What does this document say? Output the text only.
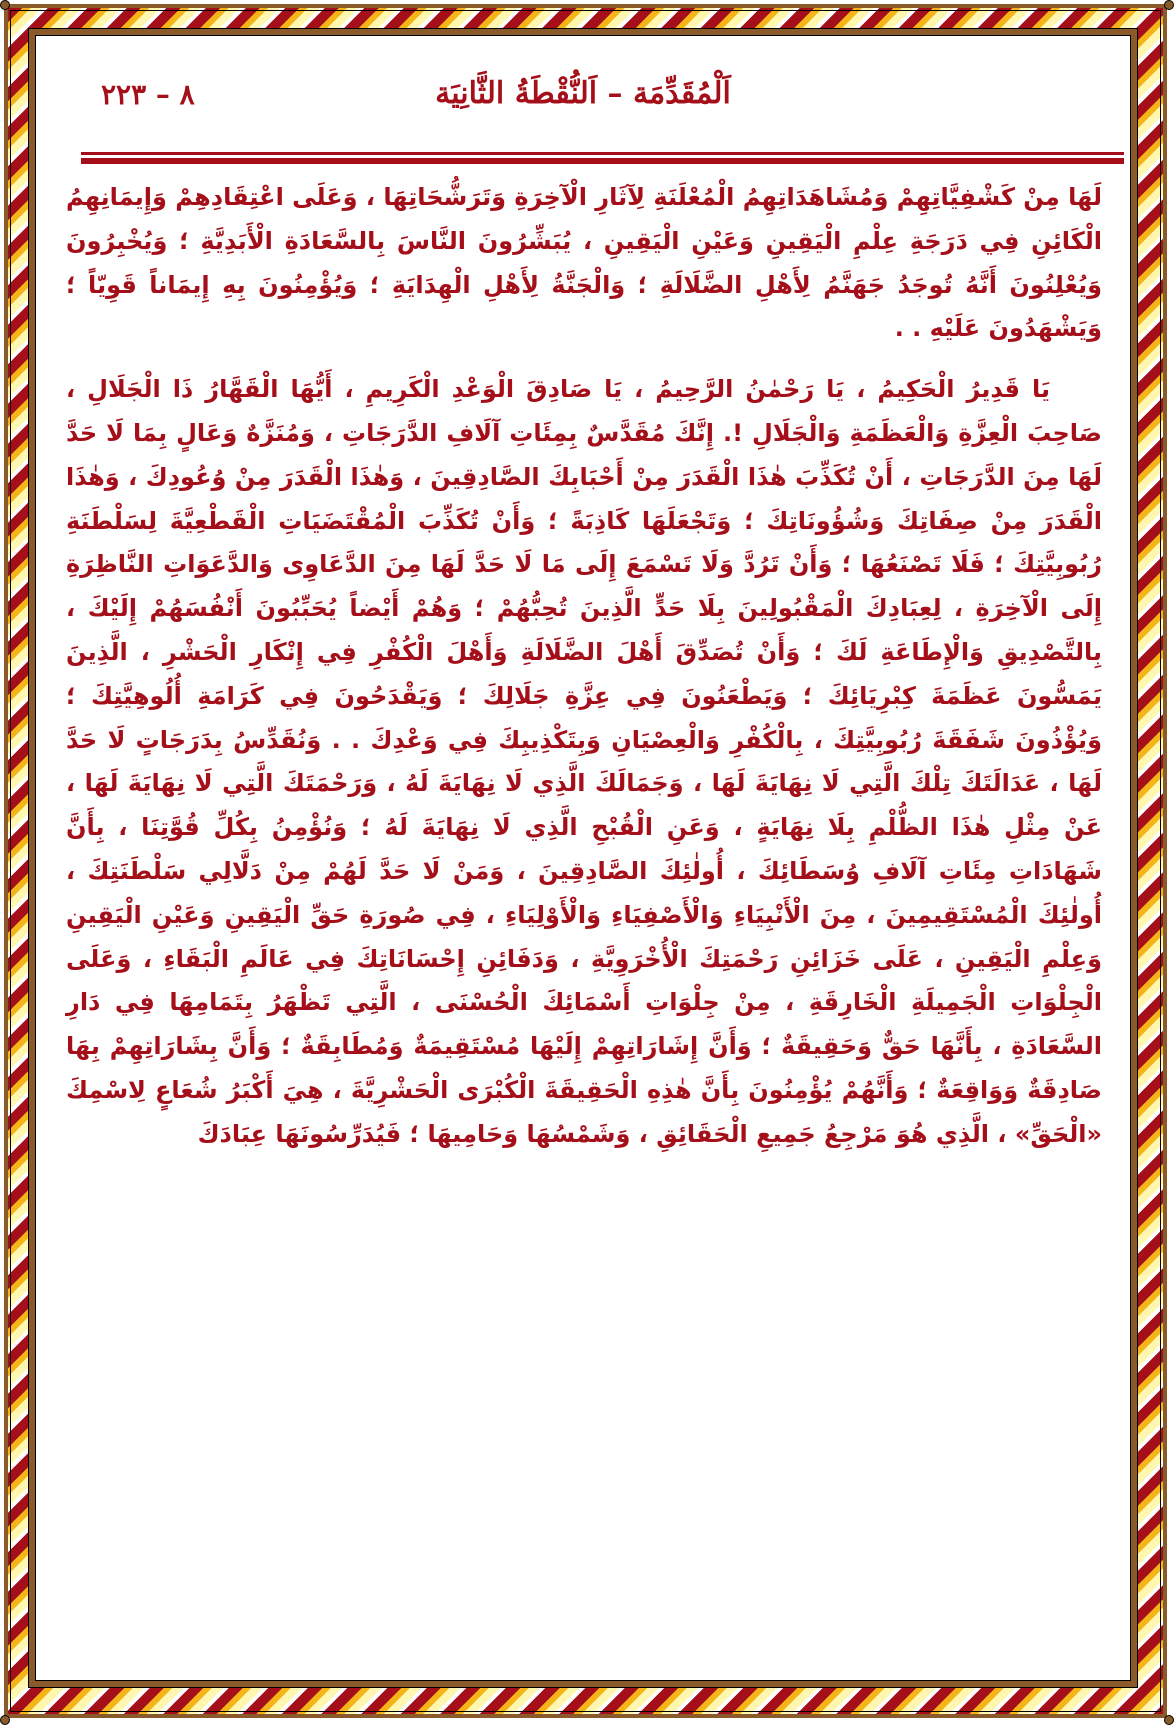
اَلْمُقَدِّمَة – اَلنُّقْطَةُ الثَّانِيَة
٨ – ٢٢٣

لَهَا مِنْ كَشْفِيَّاتِهِمْ وَمُشَاهَدَاتِهِمُ الْمُعْلَنَةِ لِآثَارِ الْآخِرَةِ وَتَرَشُّحَاتِهَا ، وَعَلَى اعْتِقَادِهِمْ وَإِيمَانِهِمُ الْكَائِنِ فِي دَرَجَةِ عِلْمِ الْيَقِينِ وَعَيْنِ الْيَقِينِ ، يُبَشِّرُونَ النَّاسَ بِالسَّعَادَةِ الْأَبَدِيَّةِ ؛ وَيُخْبِرُونَ وَيُعْلِنُونَ أَنَّهُ تُوجَدُ جَهَنَّمُ لِأَهْلِ الضَّلَالَةِ ؛ وَالْجَنَّةُ لِأَهْلِ الْهِدَايَةِ ؛ وَيُؤْمِنُونَ بِهِ إِيمَاناً قَوِيّاً ؛ وَيَشْهَدُونَ عَلَيْهِ . .

يَا قَدِيرُ الْحَكِيمُ ، يَا رَحْمٰنُ الرَّحِيمُ ، يَا صَادِقَ الْوَعْدِ الْكَرِيمِ ، أَيُّهَا الْقَهَّارُ ذَا الْجَلَالِ ، صَاحِبَ الْعِزَّةِ وَالْعَظَمَةِ وَالْجَلَالِ !. إِنَّكَ مُقَدَّسٌ بِمِئَاتِ آلَافِ الدَّرَجَاتِ ، وَمُنَزَّهٌ وَعَالٍ بِمَا لَا حَدَّ لَهَا مِنَ الدَّرَجَاتِ ، أَنْ تُكَذِّبَ هٰذَا الْقَدَرَ مِنْ أَحْبَابِكَ الصَّادِقِينَ ، وَهٰذَا الْقَدَرَ مِنْ وُعُودِكَ ، وَهٰذَا الْقَدَرَ مِنْ صِفَاتِكَ وَشُؤُونَاتِكَ ؛ وَتَجْعَلَهَا كَاذِبَةً ؛ وَأَنْ تُكَذِّبَ الْمُقْتَضَيَاتِ الْقَطْعِيَّةَ لِسَلْطَنَةِ رُبُوبِيَّتِكَ ؛ فَلَا تَصْنَعُهَا ؛ وَأَنْ تَرُدَّ وَلَا تَسْمَعَ إِلَى مَا لَا حَدَّ لَهَا مِنَ الدَّعَاوِى وَالدَّعَوَاتِ النَّاظِرَةِ إِلَى الْآخِرَةِ ، لِعِبَادِكَ الْمَقْبُولِينَ بِلَا حَدٍّ الَّذِينَ تُحِبُّهُمْ ؛ وَهُمْ أَيْضاً يُحَبِّبُونَ أَنْفُسَهُمْ إِلَيْكَ ، بِالتَّصْدِيقِ وَالْإِطَاعَةِ لَكَ ؛ وَأَنْ تُصَدِّقَ أَهْلَ الضَّلَالَةِ وَأَهْلَ الْكُفْرِ فِي إِنْكَارِ الْحَشْرِ ، الَّذِينَ يَمَسُّونَ عَظَمَةَ كِبْرِيَائِكَ ؛ وَيَطْعَنُونَ فِي عِزَّةِ جَلَالِكَ ؛ وَيَقْدَحُونَ فِي كَرَامَةِ أُلُوهِيَّتِكَ ؛ وَيُؤْذُونَ شَفَقَةَ رُبُوبِيَّتِكَ ، بِالْكُفْرِ وَالْعِصْيَانِ وَبِتَكْذِيبِكَ فِي وَعْدِكَ . . وَنُقَدِّسُ بِدَرَجَاتٍ لَا حَدَّ لَهَا ، عَدَالَتَكَ تِلْكَ الَّتِي لَا نِهَايَةَ لَهَا ، وَجَمَالَكَ الَّذِي لَا نِهَايَةَ لَهُ ، وَرَحْمَتَكَ الَّتِي لَا نِهَايَةَ لَهَا ، عَنْ مِثْلِ هٰذَا الظُّلْمِ بِلَا نِهَايَةٍ ، وَعَنِ الْقُبْحِ الَّذِي لَا نِهَايَةَ لَهُ ؛ وَنُؤْمِنُ بِكُلِّ قُوَّتِنَا ، بِأَنَّ شَهَادَاتِ مِئَاتِ آلَافِ وُسَطَائِكَ ، أُولٰئِكَ الصَّادِقِينَ ، وَمَنْ لَا حَدَّ لَهُمْ مِنْ دَلَّالِي سَلْطَنَتِكَ ، أُولٰئِكَ الْمُسْتَقِيمِينَ ، مِنَ الْأَنْبِيَاءِ وَالْأَصْفِيَاءِ وَالْأَوْلِيَاءِ ، فِي صُورَةِ حَقِّ الْيَقِينِ وَعَيْنِ الْيَقِينِ وَعِلْمِ الْيَقِينِ ، عَلَى خَزَائِنِ رَحْمَتِكَ الْأُخْرَوِيَّةِ ، وَدَفَائِنِ إِحْسَانَاتِكَ فِي عَالَمِ الْبَقَاءِ ، وَعَلَى الْجِلْوَاتِ الْجَمِيلَةِ الْخَارِقَةِ ، مِنْ جِلْوَاتِ أَسْمَائِكَ الْحُسْنَى ، الَّتِي تَظْهَرُ بِتَمَامِهَا فِي دَارِ السَّعَادَةِ ، بِأَنَّهَا حَقٌّ وَحَقِيقَةٌ ؛ وَأَنَّ إِشَارَاتِهِمْ إِلَيْهَا مُسْتَقِيمَةٌ وَمُطَابِقَةٌ ؛ وَأَنَّ بِشَارَاتِهِمْ بِهَا صَادِقَةٌ وَوَاقِعَةٌ ؛ وَأَنَّهُمْ يُؤْمِنُونَ بِأَنَّ هٰذِهِ الْحَقِيقَةَ الْكُبْرَى الْحَشْرِيَّةَ ، هِيَ أَكْبَرُ شُعَاعٍ لِاسْمِكَ «الْحَقِّ» ، الَّذِي هُوَ مَرْجِعُ جَمِيعِ الْحَقَائِقِ ، وَشَمْسُهَا وَحَامِيهَا ؛ فَيُدَرِّسُونَهَا عِبَادَكَ
